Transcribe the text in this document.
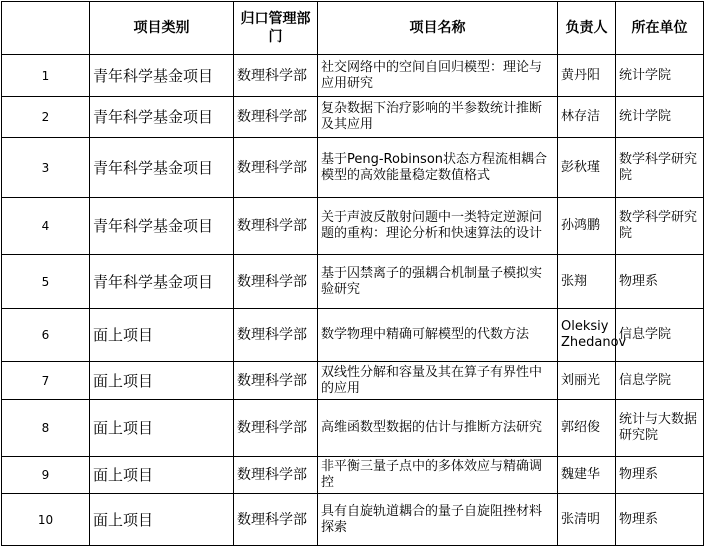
	项目类别	归口管理部门	项目名称	负责人	所在单位
1	青年科学基金项目	数理科学部	社交网络中的空间自回归模型：理论与应用研究	黄丹阳	统计学院
2	青年科学基金项目	数理科学部	复杂数据下治疗影响的半参数统计推断及其应用	林存洁	统计学院
3	青年科学基金项目	数理科学部	基于Peng-Robinson状态方程流相耦合模型的高效能量稳定数值格式	彭秋瑾	数学科学研究院
4	青年科学基金项目	数理科学部	关于声波反散射问题中一类特定逆源问题的重构：理论分析和快速算法的设计	孙鸿鹏	数学科学研究院
5	青年科学基金项目	数理科学部	基于囚禁离子的强耦合机制量子模拟实验研究	张翔	物理系
6	面上项目	数理科学部	数学物理中精确可解模型的代数方法	Oleksiy Zhedanov	信息学院
7	面上项目	数理科学部	双线性分解和容量及其在算子有界性中的应用	刘丽光	信息学院
8	面上项目	数理科学部	高维函数型数据的估计与推断方法研究	郭绍俊	统计与大数据研究院
9	面上项目	数理科学部	非平衡三量子点中的多体效应与精确调控	魏建华	物理系
10	面上项目	数理科学部	具有自旋轨道耦合的量子自旋阻挫材料探索	张清明	物理系
